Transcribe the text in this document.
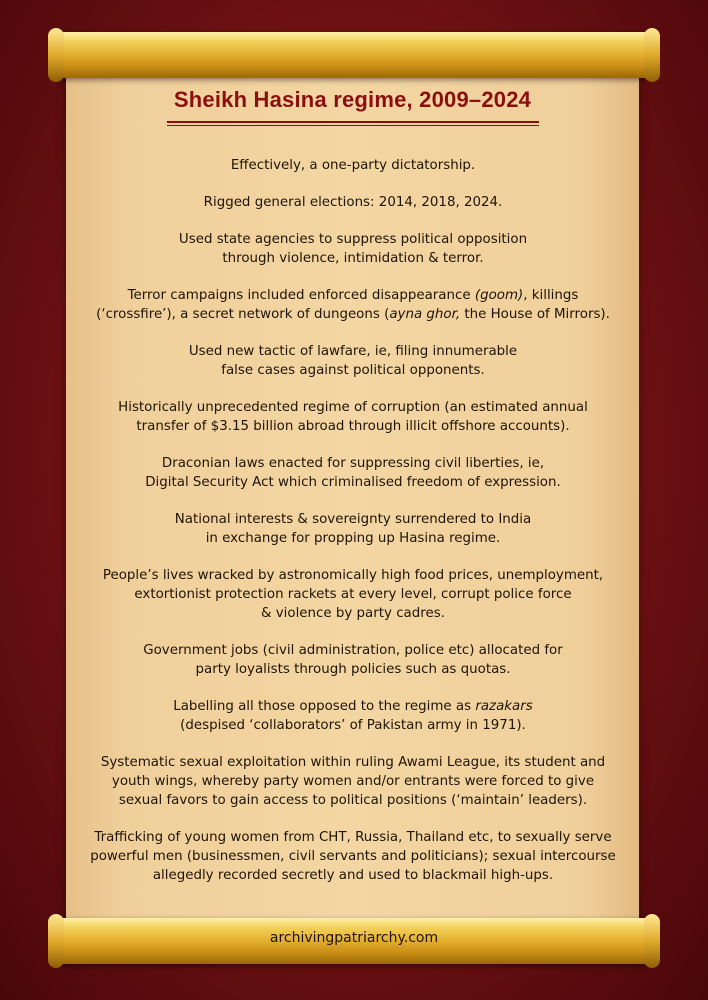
Sheikh Hasina regime, 2009–2024

Effectively, a one-party dictatorship.

Rigged general elections: 2014, 2018, 2024.

Used state agencies to suppress political opposition
through violence, intimidation & terror.

Terror campaigns included enforced disappearance (goom), killings
(‘crossfire’), a secret network of dungeons (ayna ghor, the House of Mirrors).

Used new tactic of lawfare, ie, filing innumerable
false cases against political opponents.

Historically unprecedented regime of corruption (an estimated annual
transfer of $3.15 billion abroad through illicit offshore accounts).

Draconian laws enacted for suppressing civil liberties, ie,
Digital Security Act which criminalised freedom of expression.

National interests & sovereignty surrendered to India
in exchange for propping up Hasina regime.

People’s lives wracked by astronomically high food prices, unemployment,
extortionist protection rackets at every level, corrupt police force
& violence by party cadres.

Government jobs (civil administration, police etc) allocated for
party loyalists through policies such as quotas.

Labelling all those opposed to the regime as razakars
(despised ‘collaborators’ of Pakistan army in 1971).

Systematic sexual exploitation within ruling Awami League, its student and
youth wings, whereby party women and/or entrants were forced to give
sexual favors to gain access to political positions (‘maintain’ leaders).

Trafficking of young women from CHT, Russia, Thailand etc, to sexually serve
powerful men (businessmen, civil servants and politicians); sexual intercourse
allegedly recorded secretly and used to blackmail high-ups.

archivingpatriarchy.com
